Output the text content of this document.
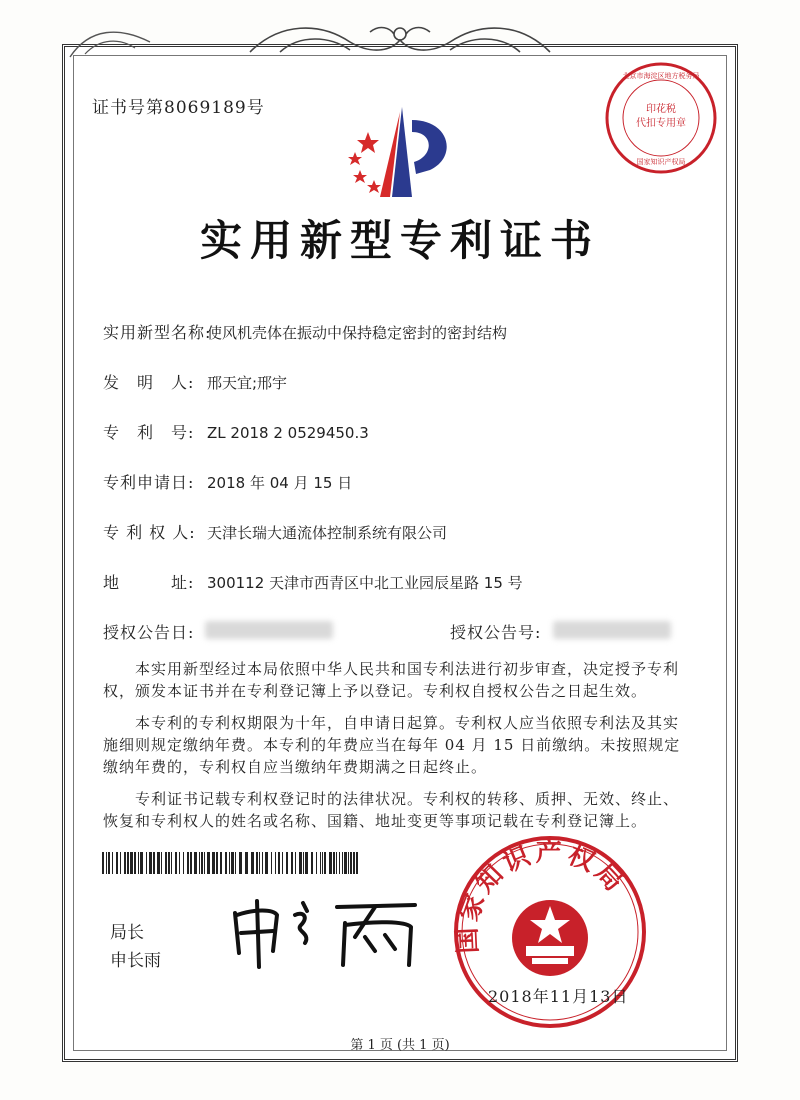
证书号第8069189号	印花税
代扣专用章
北京市海淀区地方税务局
国家知识产权局
实用新型专利证书
实用新型名称:使风机壳体在振动中保持稳定密封的密封结构
发　明　人: 邢天宜;邢宇
专　利　号: ZL 2018 2 0529450.3
专利申请日: 2018 年 04 月 15 日
专 利 权 人: 天津长瑞大通流体控制系统有限公司
地　　　址: 300112 天津市西青区中北工业园辰星路 15 号
授权公告日:	授权公告号:
本实用新型经过本局依照中华人民共和国专利法进行初步审查，决定授予专利权，颁发本证书并在专利登记簿上予以登记。专利权自授权公告之日起生效。
本专利的专利权期限为十年，自申请日起算。专利权人应当依照专利法及其实施细则规定缴纳年费。本专利的年费应当在每年 04 月 15 日前缴纳。未按照规定缴纳年费的，专利权自应当缴纳年费期满之日起终止。
专利证书记载专利权登记时的法律状况。专利权的转移、质押、无效、终止、恢复和专利权人的姓名或名称、国籍、地址变更等事项记载在专利登记簿上。
局长
申长雨
国家知识产权局
2018年11月13日
第 1 页 (共 1 页)
